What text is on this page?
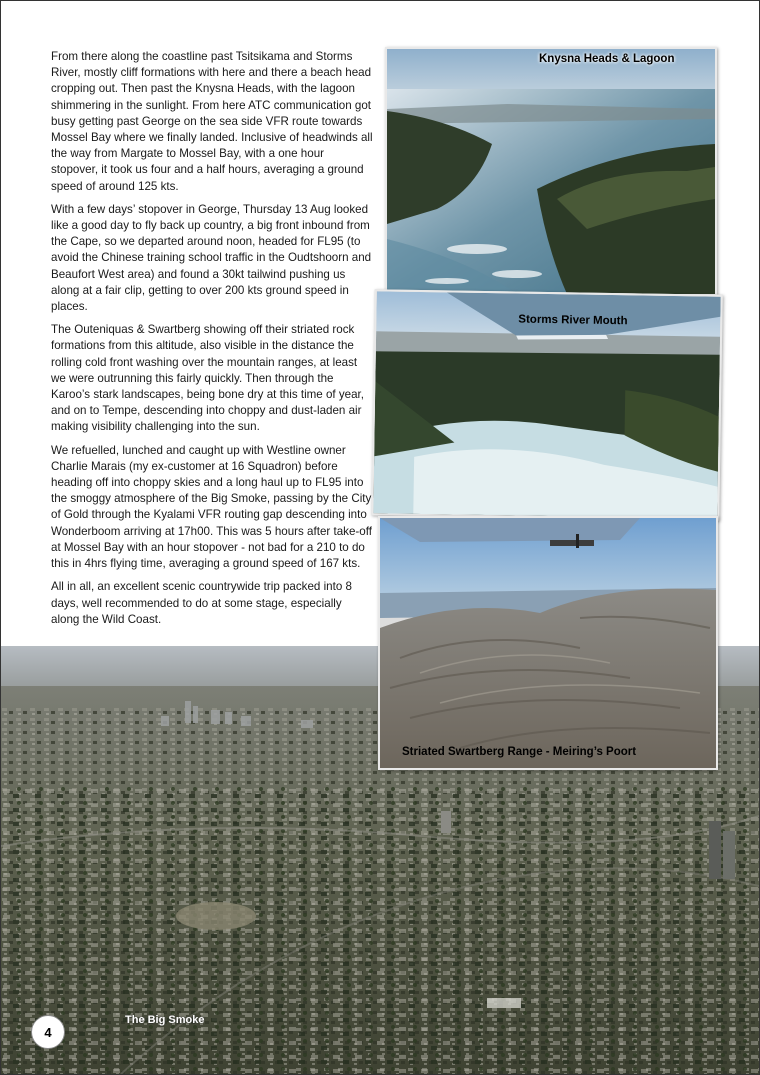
From there along the coastline past Tsitsikama and Storms River, mostly cliff formations with here and there a beach head cropping out. Then past the Knysna Heads, with the lagoon shimmering in the sunlight. From here ATC communication got busy getting past George on the sea side VFR route towards Mossel Bay where we finally landed. Inclusive of headwinds all the way from Margate to Mossel Bay, with a one hour stopover, it took us four and a half hours, averaging a ground speed of around 125 kts.

With a few days’ stopover in George, Thursday 13 Aug looked like a good day to fly back up country, a big front inbound from the Cape, so we departed around noon, headed for FL95 (to avoid the Chinese training school traffic in the Oudtshoorn and Beaufort West area) and found a 30kt tailwind pushing us along at a fair clip, getting to over 200 kts ground speed in places.

The Outeniquas & Swartberg showing off their striated rock formations from this altitude, also visible in the distance the rolling cold front washing over the mountain ranges, at least we were outrunning this fairly quickly. Then through the Karoo’s stark landscapes, being bone dry at this time of year, and on to Tempe, descending into choppy and dust-laden air making visibility challenging into the sun.

We refuelled, lunched and caught up with Westline owner Charlie Marais (my ex-customer at 16 Squadron) before heading off into choppy skies and a long haul up to FL95 into the smoggy atmosphere of the Big Smoke, passing by the City of Gold through the Kyalami VFR routing gap descending into Wonderboom arriving at 17h00. This was 5 hours after take-off at Mossel Bay with an hour stopover - not bad for a 210 to do this in 4hrs flying time, averaging a ground speed of 167 kts.

All in all, an excellent scenic countrywide trip packed into 8 days, well recommended to do at some stage, especially along the Wild Coast.

Knysna Heads & Lagoon
Storms River Mouth
Striated Swartberg Range - Meiring’s Poort
4
The Big Smoke
